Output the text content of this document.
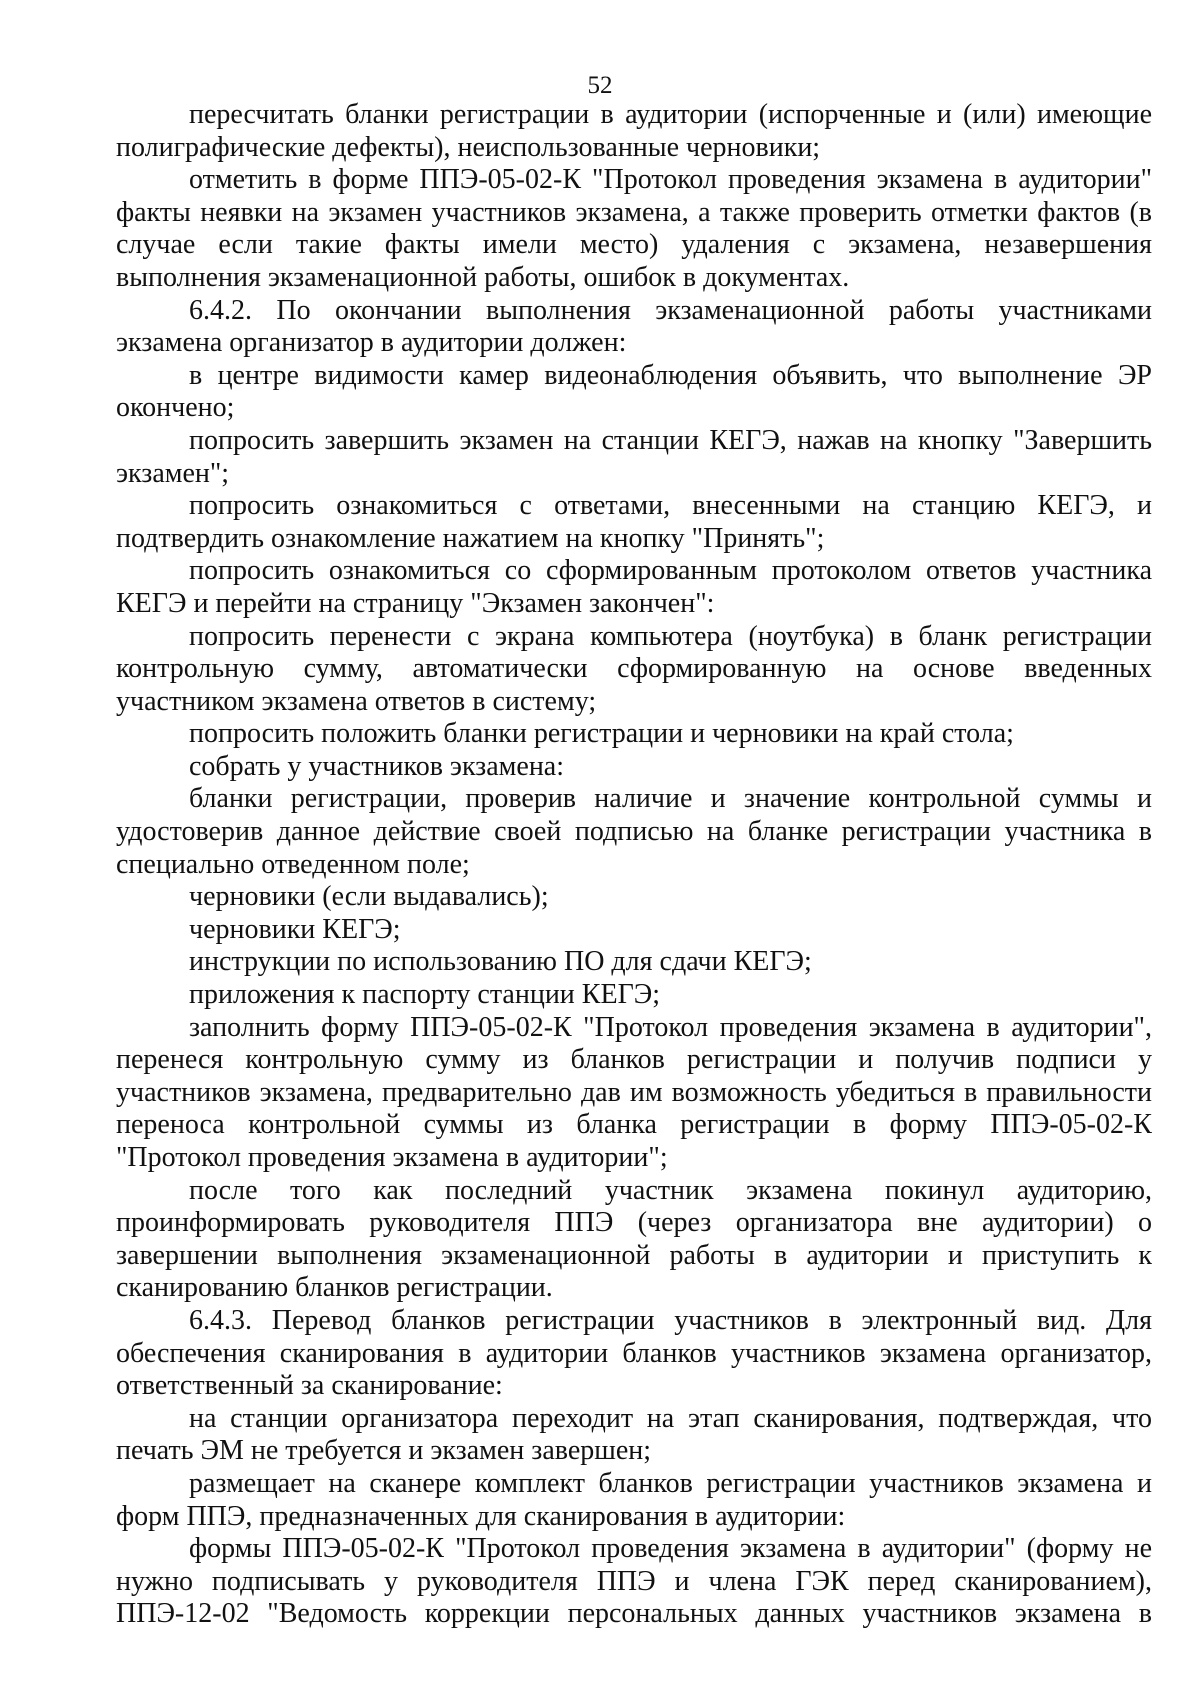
52

пересчитать бланки регистрации в аудитории (испорченные и (или) имеющие полиграфические дефекты), неиспользованные черновики;

отметить в форме ППЭ-05-02-К "Протокол проведения экзамена в аудитории" факты неявки на экзамен участников экзамена, а также проверить отметки фактов (в случае если такие факты имели место) удаления с экзамена, незавершения выполнения экзаменационной работы, ошибок в документах.

6.4.2. По окончании выполнения экзаменационной работы участниками экзамена организатор в аудитории должен:

в центре видимости камер видеонаблюдения объявить, что выполнение ЭР окончено;

попросить завершить экзамен на станции КЕГЭ, нажав на кнопку "Завершить экзамен";

попросить ознакомиться с ответами, внесенными на станцию КЕГЭ, и подтвердить ознакомление нажатием на кнопку "Принять";

попросить ознакомиться со сформированным протоколом ответов участника КЕГЭ и перейти на страницу "Экзамен закончен":

попросить перенести с экрана компьютера (ноутбука) в бланк регистрации контрольную сумму, автоматически сформированную на основе введенных участником экзамена ответов в систему;

попросить положить бланки регистрации и черновики на край стола;

собрать у участников экзамена:

бланки регистрации, проверив наличие и значение контрольной суммы и удостоверив данное действие своей подписью на бланке регистрации участника в специально отведенном поле;

черновики (если выдавались);

черновики КЕГЭ;

инструкции по использованию ПО для сдачи КЕГЭ;

приложения к паспорту станции КЕГЭ;

заполнить форму ППЭ-05-02-К "Протокол проведения экзамена в аудитории", перенеся контрольную сумму из бланков регистрации и получив подписи у участников экзамена, предварительно дав им возможность убедиться в правильности переноса контрольной суммы из бланка регистрации в форму ППЭ-05-02-К "Протокол проведения экзамена в аудитории";

после того как последний участник экзамена покинул аудиторию, проинформировать руководителя ППЭ (через организатора вне аудитории) о завершении выполнения экзаменационной работы в аудитории и приступить к сканированию бланков регистрации.

6.4.3. Перевод бланков регистрации участников в электронный вид. Для обеспечения сканирования в аудитории бланков участников экзамена организатор, ответственный за сканирование:

на станции организатора переходит на этап сканирования, подтверждая, что печать ЭМ не требуется и экзамен завершен;

размещает на сканере комплект бланков регистрации участников экзамена и форм ППЭ, предназначенных для сканирования в аудитории:

формы ППЭ-05-02-К "Протокол проведения экзамена в аудитории" (форму не нужно подписывать у руководителя ППЭ и члена ГЭК перед сканированием), ППЭ-12-02 "Ведомость коррекции персональных данных участников экзамена в
